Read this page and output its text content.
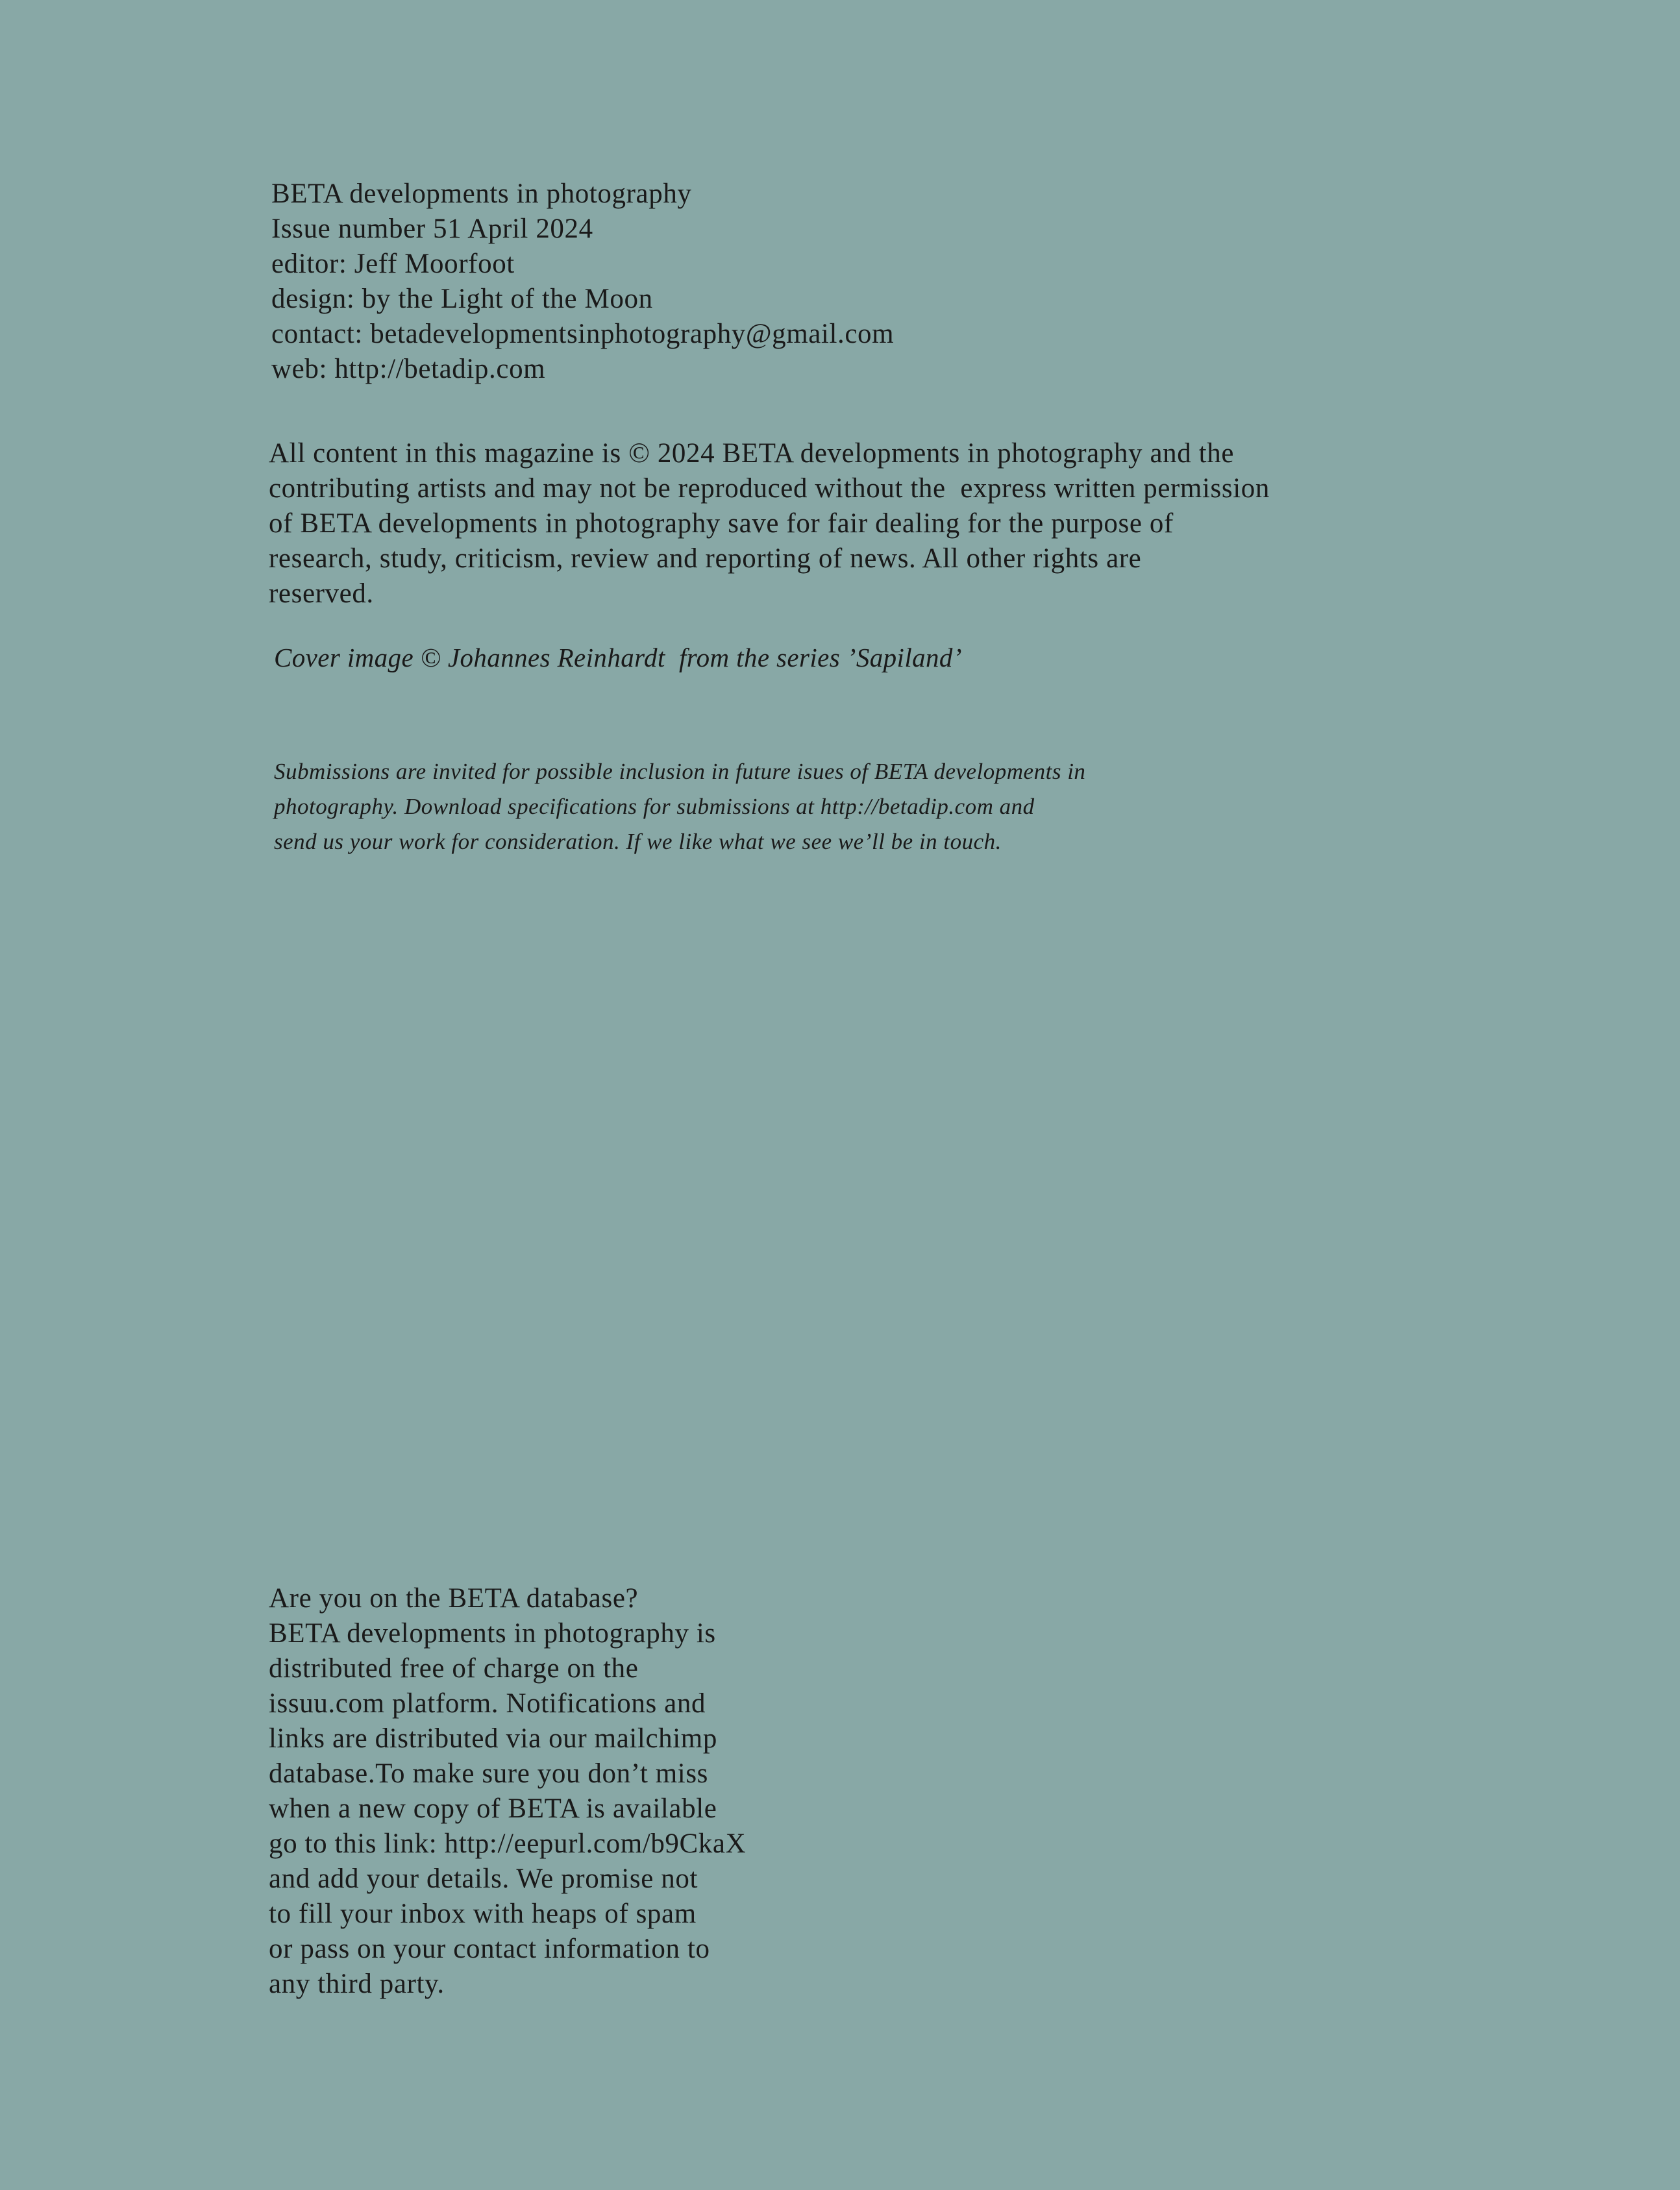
BETA developments in photography
Issue number 51 April 2024
editor: Jeff Moorfoot
design: by the Light of the Moon
contact: betadevelopmentsinphotography@gmail.com
web: http://betadip.com
All content in this magazine is © 2024 BETA developments in photography and the
contributing artists and may not be reproduced without the  express written permission
of BETA developments in photography save for fair dealing for the purpose of
research, study, criticism, review and reporting of news. All other rights are
reserved.
Cover image © Johannes Reinhardt  from the series ’Sapiland’
Submissions are invited for possible inclusion in future isues of BETA developments in
photography. Download specifications for submissions at http://betadip.com and
send us your work for consideration. If we like what we see we’ll be in touch.
Are you on the BETA database?
BETA developments in photography is
distributed free of charge on the
issuu.com platform. Notifications and
links are distributed via our mailchimp
database.To make sure you don’t miss
when a new copy of BETA is available
go to this link: http://eepurl.com/b9CkaX
and add your details. We promise not
to fill your inbox with heaps of spam
or pass on your contact information to
any third party.
